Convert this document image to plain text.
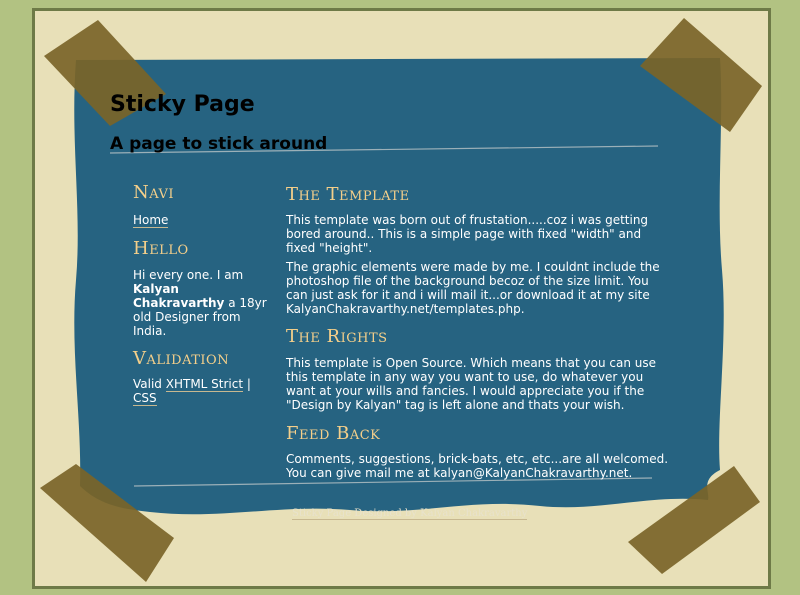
Sticky Page
A page to stick around
Navi

Home

Hello

Hi every one. I am Kalyan Chakravarthy a 18yr old Designer from India.

Validation

Valid XHTML Strict | CSS

The Template

This template was born out of frustation.....coz i was getting bored around.. This is a simple page with fixed "width" and fixed "height".

The graphic elements were made by me. I couldnt include the photoshop file of the background becoz of the size limit. You can just ask for it and i will mail it...or download it at my site KalyanChakravarthy.net/templates.php.

The Rights

This template is Open Source. Which means that you can use this template in any way you want to use, do whatever you want at your wills and fancies. I would appreciate you if the "Design by Kalyan" tag is left alone and thats your wish.

Feed Back

Comments, suggestions, brick-bats, etc, etc...are all welcomed. You can give mail me at kalyan@KalyanChakravarthy.net.

Sticky Page Designed by Kalyan Chakravarthy
